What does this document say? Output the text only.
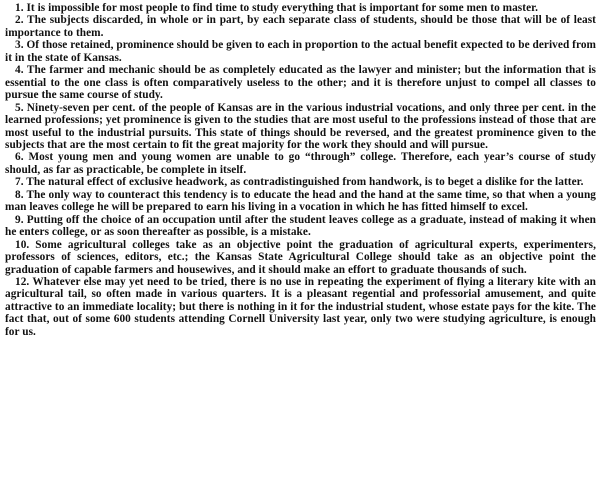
1. It is impossible for most people to find time to study everything that is important for some men to master.

2. The subjects discarded, in whole or in part, by each separate class of students, should be those that will be of least importance to them.

3. Of those retained, prominence should be given to each in proportion to the actual benefit expected to be derived from it in the state of Kansas.

4. The farmer and mechanic should be as completely educated as the lawyer and minister; but the information that is essential to the one class is often comparatively useless to the other; and it is therefore unjust to compel all classes to pursue the same course of study.

5. Ninety-seven per cent. of the people of Kansas are in the various industrial vocations, and only three per cent. in the learned professions; yet prominence is given to the studies that are most useful to the professions instead of those that are most useful to the industrial pursuits. This state of things should be reversed, and the greatest prominence given to the subjects that are the most certain to fit the great majority for the work they should and will pursue.

6. Most young men and young women are unable to go “through” college. Therefore, each year’s course of study should, as far as practicable, be complete in itself.

7. The natural effect of exclusive headwork, as contradistinguished from handwork, is to beget a dislike for the latter.

8. The only way to counteract this tendency is to educate the head and the hand at the same time, so that when a young man leaves college he will be prepared to earn his living in a vocation in which he has fitted himself to excel.

9. Putting off the choice of an occupation until after the student leaves college as a graduate, instead of making it when he enters college, or as soon thereafter as possible, is a mistake.

10. Some agricultural colleges take as an objective point the graduation of agricultural experts, experimenters, professors of sciences, editors, etc.; the Kansas State Agricultural College should take as an objective point the graduation of capable farmers and housewives, and it should make an effort to graduate thousands of such.

12. Whatever else may yet need to be tried, there is no use in repeating the experiment of flying a literary kite with an agricultural tail, so often made in various quarters. It is a pleasant regential and professorial amusement, and quite attractive to an immediate locality; but there is nothing in it for the industrial student, whose estate pays for the kite. The fact that, out of some 600 students attending Cornell University last year, only two were studying agriculture, is enough for us.
